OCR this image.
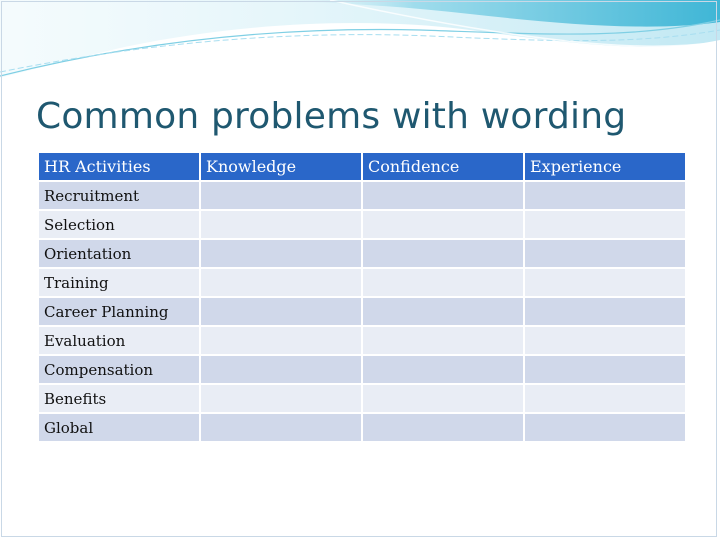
Common problems with wording
HR Activities	Knowledge	Confidence	Experience
Recruitment			
Selection			
Orientation			
Training			
Career Planning			
Evaluation			
Compensation			
Benefits			
Global			
